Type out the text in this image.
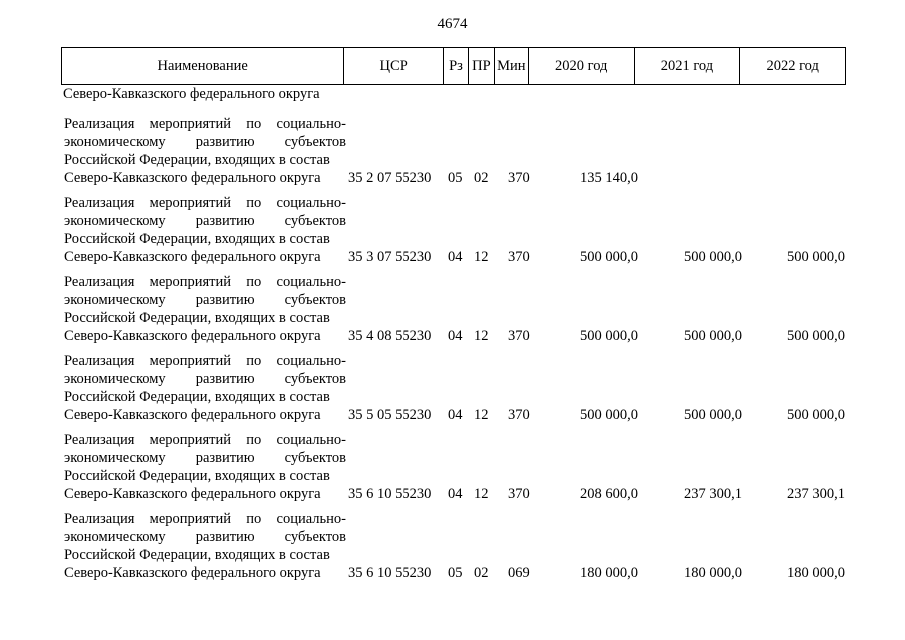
4674
Наименование	ЦСР	Рз ПР Мин	2020 год	2021 год	2022 год
Северо-Кавказского федерального округа
Реализация мероприятий по социально-
экономическому развитию субъектов
Российской Федерации, входящих в состав
Северо-Кавказского федерального округа	35 2 07 55230 05 02 370	135 140,0
Реализация мероприятий по социально-
экономическому развитию субъектов
Российской Федерации, входящих в состав
Северо-Кавказского федерального округа	35 3 07 55230 04 12 370	500 000,0	500 000,0	500 000,0
Реализация мероприятий по социально-
экономическому развитию субъектов
Российской Федерации, входящих в состав
Северо-Кавказского федерального округа	35 4 08 55230 04 12 370	500 000,0	500 000,0	500 000,0
Реализация мероприятий по социально-
экономическому развитию субъектов
Российской Федерации, входящих в состав
Северо-Кавказского федерального округа	35 5 05 55230 04 12 370	500 000,0	500 000,0	500 000,0
Реализация мероприятий по социально-
экономическому развитию субъектов
Российской Федерации, входящих в состав
Северо-Кавказского федерального округа	35 6 10 55230 04 12 370	208 600,0	237 300,1	237 300,1
Реализация мероприятий по социально-
экономическому развитию субъектов
Российской Федерации, входящих в состав
Северо-Кавказского федерального округа	35 6 10 55230 05 02 069	180 000,0	180 000,0	180 000,0
